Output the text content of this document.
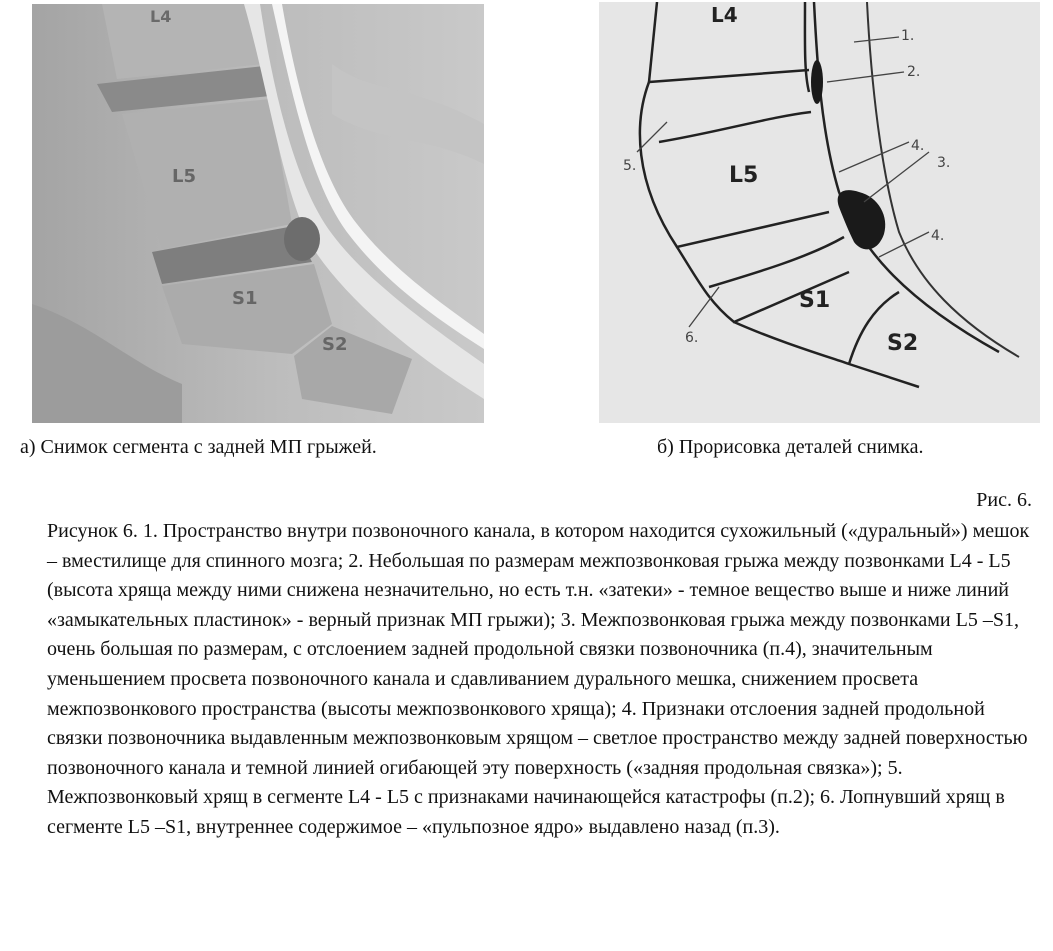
L4
L5
S1
S2
L4
L5
S1
S2
1.
2.
3.
4.
4.
5.
6.
а) Снимок сегмента с задней МП грыжей.	б) Прорисовка деталей снимка.
Рис. 6.

Рисунок 6. 1. Пространство внутри позвоночного канала, в котором находится сухожильный («дуральный») мешок – вместилище для спинного мозга; 2. Небольшая по размерам межпозвонковая грыжа между позвонками L4 - L5 (высота хряща между ними снижена незначительно, но есть т.н. «затеки» - темное вещество выше и ниже линий «замыкательных пластинок» - верный признак МП грыжи); 3. Межпозвонковая грыжа между позвонками L5 –S1, очень большая по размерам, с отслоением задней продольной связки позвоночника (п.4), значительным уменьшением просвета позвоночного канала и сдавливанием дурального мешка, снижением просвета межпозвонкового пространства (высоты межпозвонкового хряща); 4. Признаки отслоения задней продольной связки позвоночника выдавленным межпозвонковым хрящом – светлое пространство между задней поверхностью позвоночного канала и темной линией огибающей эту поверхность («задняя продольная связка»); 5. Межпозвонковый хрящ в сегменте L4 - L5 с признаками начинающейся катастрофы (п.2); 6. Лопнувший хрящ в сегменте L5 –S1, внутреннее содержимое – «пульпозное ядро» выдавлено назад (п.3).
